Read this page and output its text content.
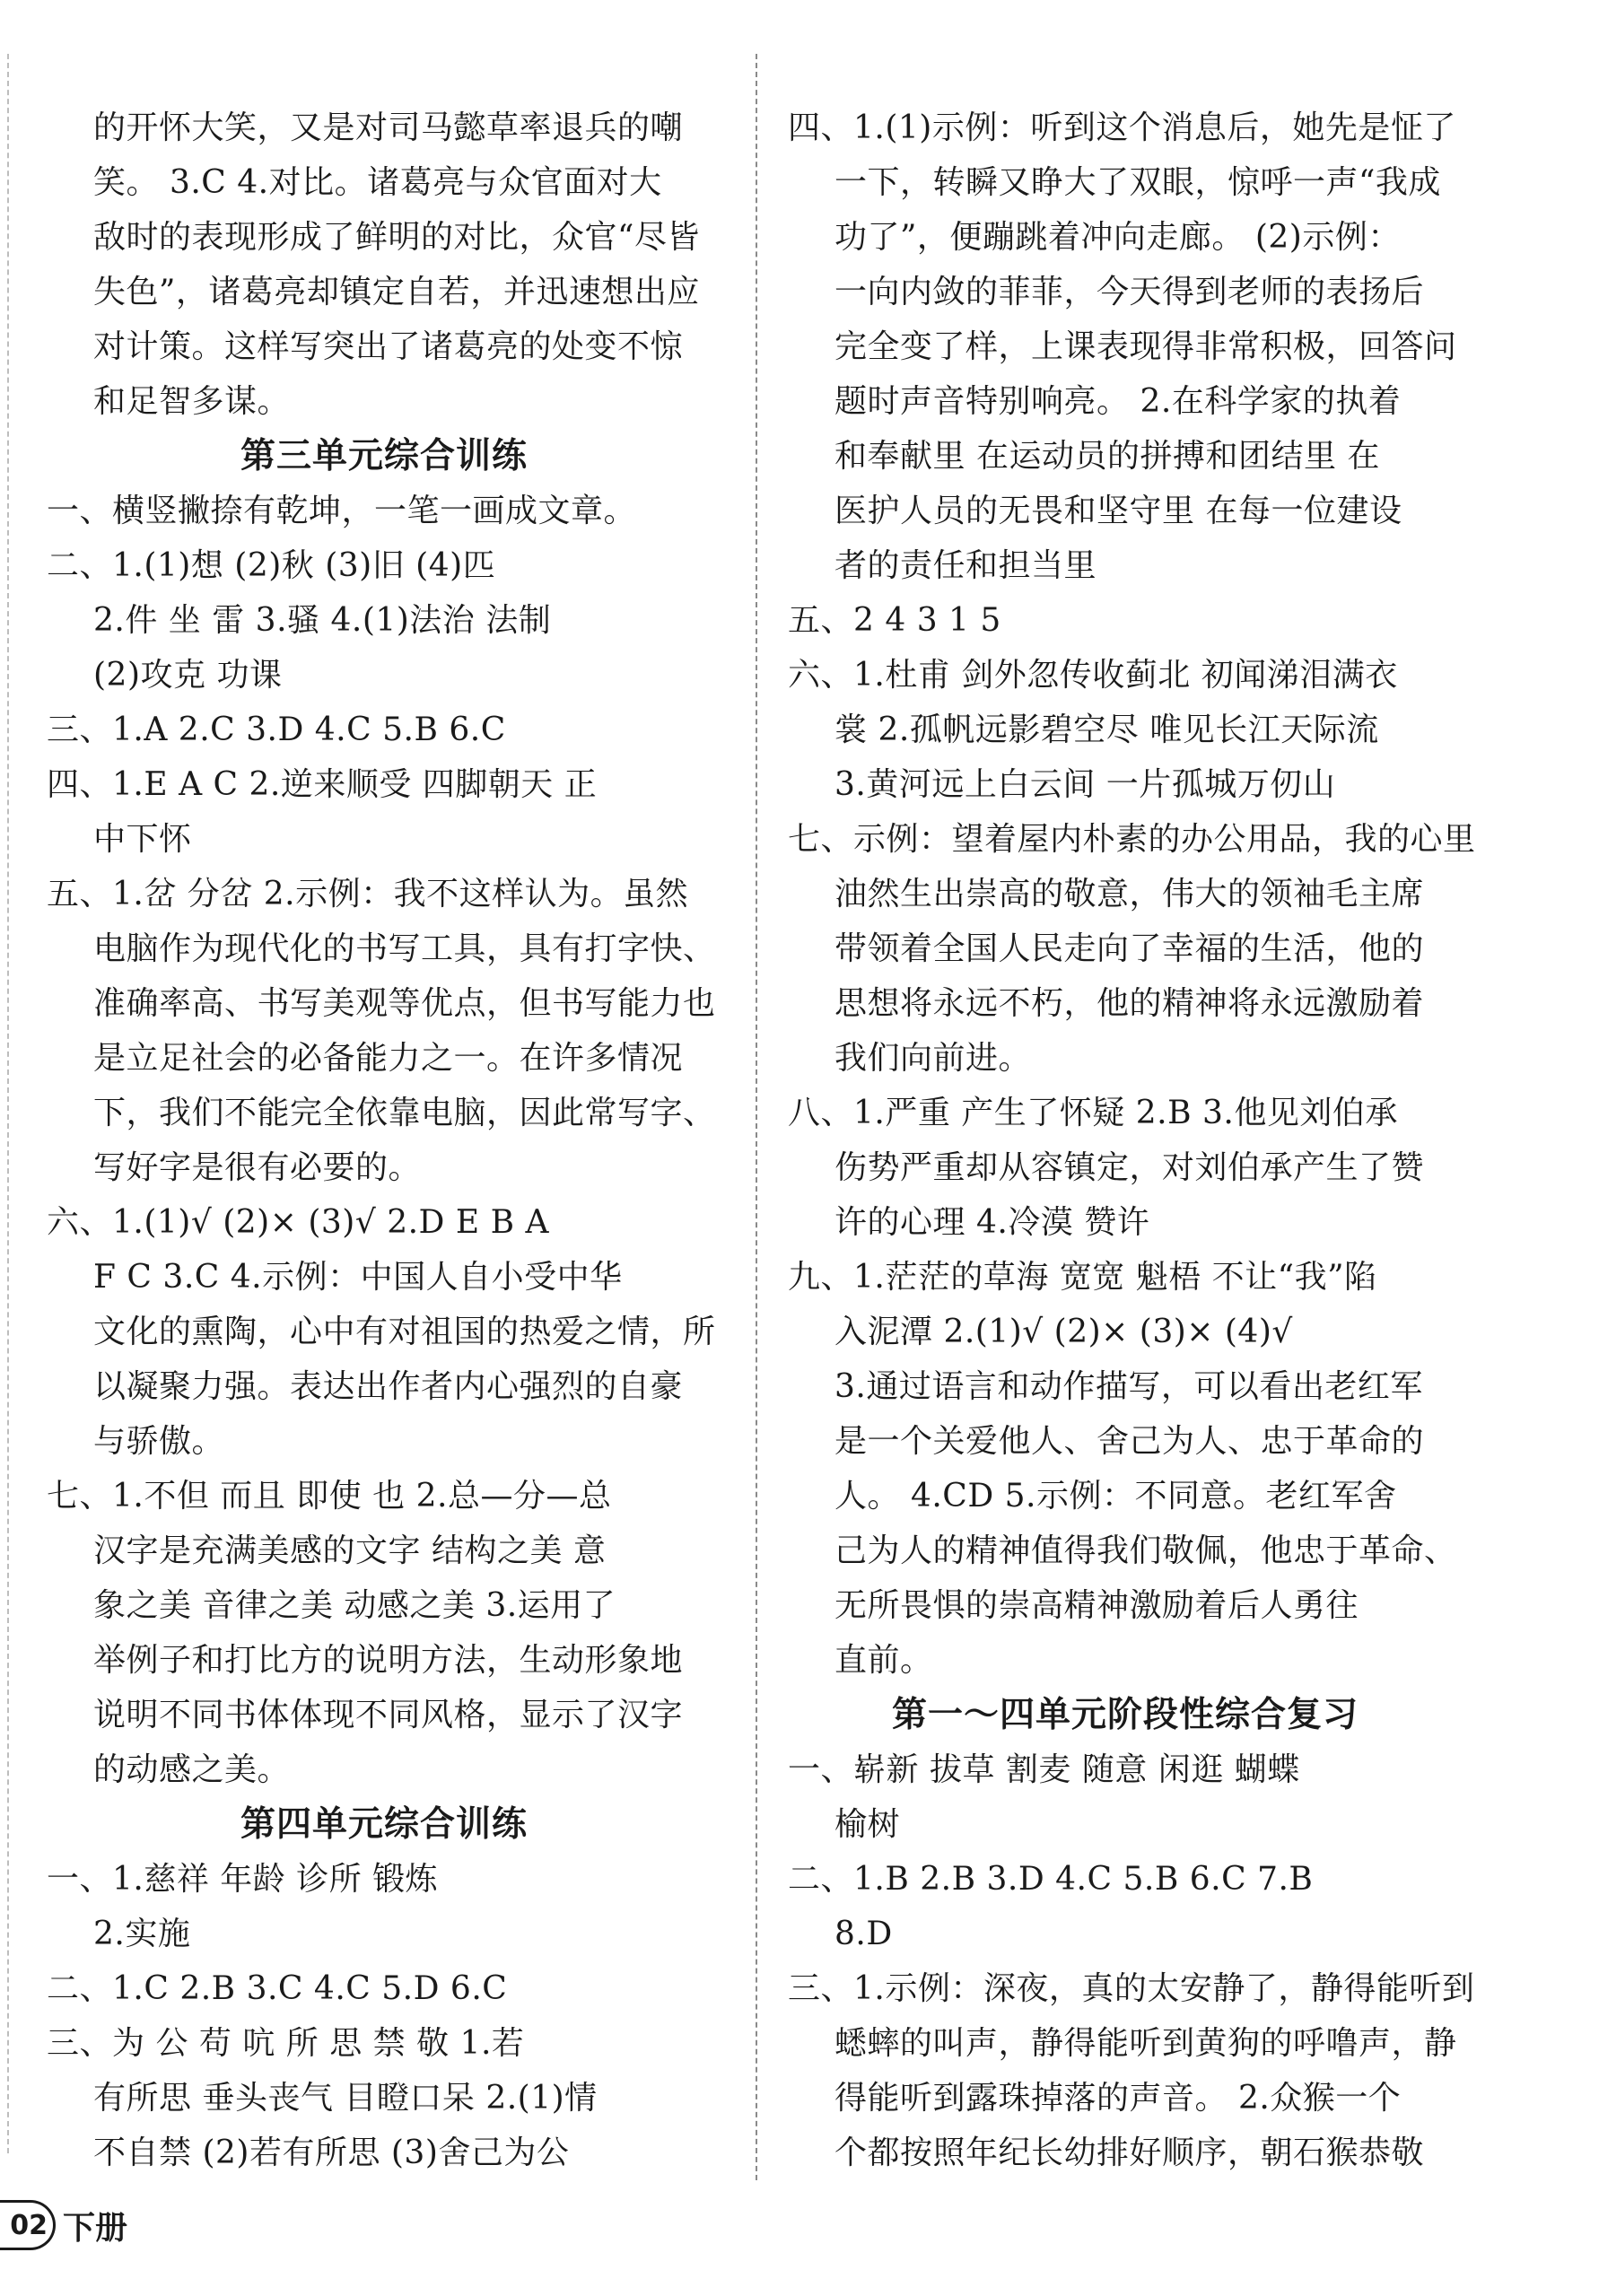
的开怀大笑，又是对司马懿草率退兵的嘲

笑。 3.C 4.对比。诸葛亮与众官面对大

敌时的表现形成了鲜明的对比，众官“尽皆

失色”，诸葛亮却镇定自若，并迅速想出应

对计策。这样写突出了诸葛亮的处变不惊

和足智多谋。

第三单元综合训练

一、横竖撇捺有乾坤，一笔一画成文章。

二、1.(1)想 (2)秋 (3)旧 (4)匹

2.件 坐 雷 3.骚 4.(1)法治 法制

(2)攻克 功课

三、1.A 2.C 3.D 4.C 5.B 6.C

四、1.E A C 2.逆来顺受 四脚朝天 正

中下怀

五、1.岔 分岔 2.示例：我不这样认为。虽然

电脑作为现代化的书写工具，具有打字快、

准确率高、书写美观等优点，但书写能力也

是立足社会的必备能力之一。在许多情况

下，我们不能完全依靠电脑，因此常写字、

写好字是很有必要的。

六、1.(1)√ (2)× (3)√ 2.D E B A

F C 3.C 4.示例：中国人自小受中华

文化的熏陶，心中有对祖国的热爱之情，所

以凝聚力强。表达出作者内心强烈的自豪

与骄傲。

七、1.不但 而且 即使 也 2.总—分—总

汉字是充满美感的文字 结构之美 意

象之美 音律之美 动感之美 3.运用了

举例子和打比方的说明方法，生动形象地

说明不同书体体现不同风格，显示了汉字

的动感之美。

第四单元综合训练

一、1.慈祥 年龄 诊所 锻炼

2.实施

二、1.C 2.B 3.C 4.C 5.D 6.C

三、为 公 苟 吭 所 思 禁 敬 1.若

有所思 垂头丧气 目瞪口呆 2.(1)情

不自禁 (2)若有所思 (3)舍己为公

四、1.(1)示例：听到这个消息后，她先是怔了

一下，转瞬又睁大了双眼，惊呼一声“我成

功了”，便蹦跳着冲向走廊。 (2)示例：

一向内敛的菲菲，今天得到老师的表扬后

完全变了样，上课表现得非常积极，回答问

题时声音特别响亮。 2.在科学家的执着

和奉献里 在运动员的拼搏和团结里 在

医护人员的无畏和坚守里 在每一位建设

者的责任和担当里

五、2 4 3 1 5

六、1.杜甫 剑外忽传收蓟北 初闻涕泪满衣

裳 2.孤帆远影碧空尽 唯见长江天际流

3.黄河远上白云间 一片孤城万仞山

七、示例：望着屋内朴素的办公用品，我的心里

油然生出崇高的敬意，伟大的领袖毛主席

带领着全国人民走向了幸福的生活，他的

思想将永远不朽，他的精神将永远激励着

我们向前进。

八、1.严重 产生了怀疑 2.B 3.他见刘伯承

伤势严重却从容镇定，对刘伯承产生了赞

许的心理 4.冷漠 赞许

九、1.茫茫的草海 宽宽 魁梧 不让“我”陷

入泥潭 2.(1)√ (2)× (3)× (4)√

3.通过语言和动作描写，可以看出老红军

是一个关爱他人、舍己为人、忠于革命的

人。 4.CD 5.示例：不同意。老红军舍

己为人的精神值得我们敬佩，他忠于革命、

无所畏惧的崇高精神激励着后人勇往

直前。

第一～四单元阶段性综合复习

一、崭新 拔草 割麦 随意 闲逛 蝴蝶

榆树

二、1.B 2.B 3.D 4.C 5.B 6.C 7.B

8.D

三、1.示例：深夜，真的太安静了，静得能听到

蟋蟀的叫声，静得能听到黄狗的呼噜声，静

得能听到露珠掉落的声音。 2.众猴一个

个都按照年纪长幼排好顺序，朝石猴恭敬

02 下册
